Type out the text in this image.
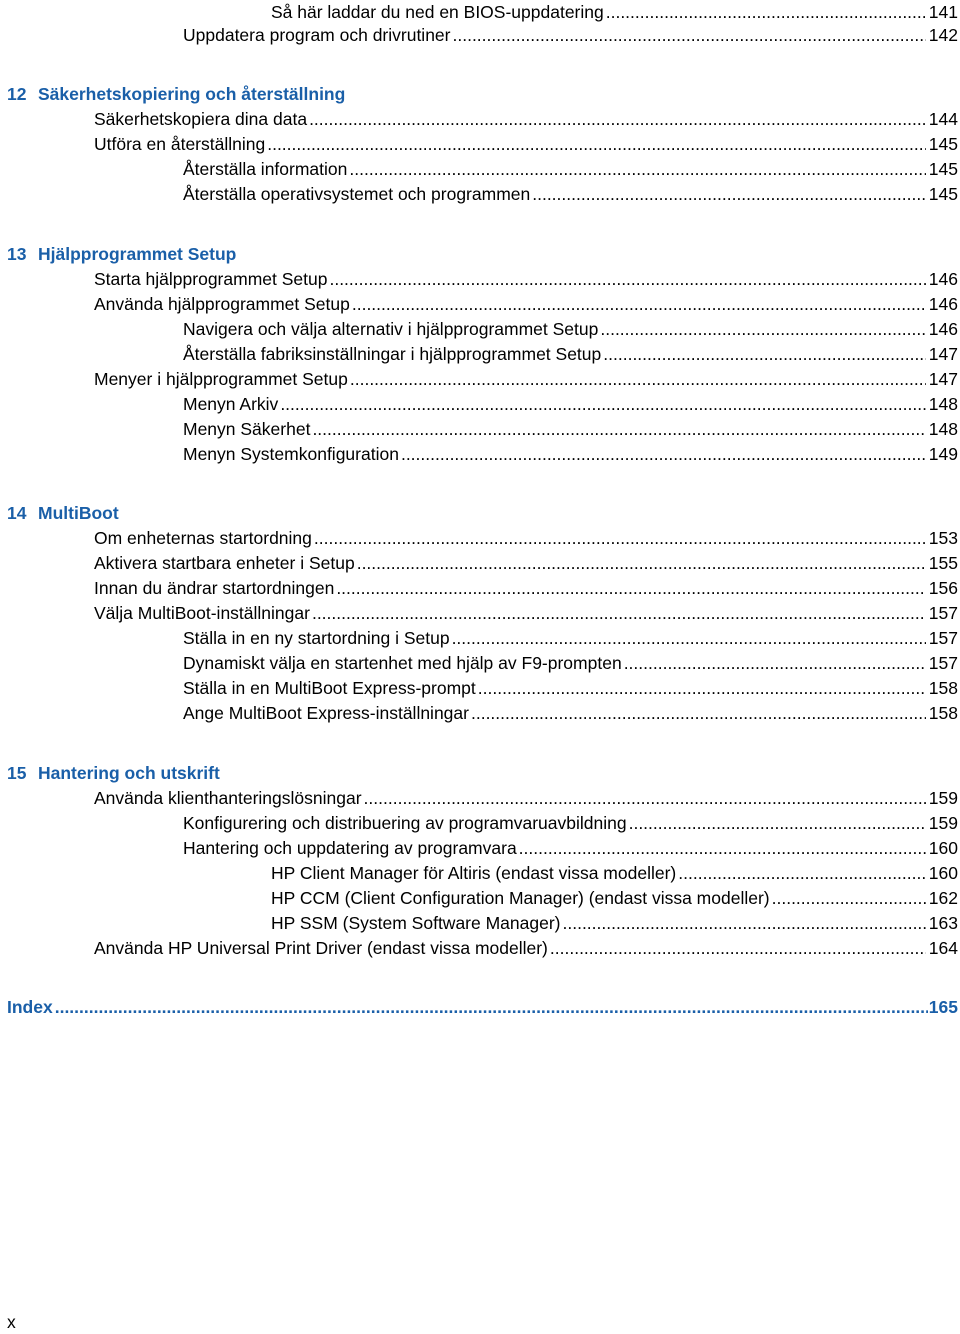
Så här laddar du ned en BIOS-uppdatering .....	141
Uppdatera program och drivrutiner .....	142
12 Säkerhetskopiering och återställning
Säkerhetskopiera dina data .....	144
Utföra en återställning .....	145
Återställa information .....	145
Återställa operativsystemet och programmen .....	145
13 Hjälpprogrammet Setup
Starta hjälpprogrammet Setup .....	146
Använda hjälpprogrammet Setup .....	146
Navigera och välja alternativ i hjälpprogrammet Setup .....	146
Återställa fabriksinställningar i hjälpprogrammet Setup .....	147
Menyer i hjälpprogrammet Setup .....	147
Menyn Arkiv .....	148
Menyn Säkerhet .....	148
Menyn Systemkonfiguration .....	149
14 MultiBoot
Om enheternas startordning .....	153
Aktivera startbara enheter i Setup .....	155
Innan du ändrar startordningen .....	156
Välja MultiBoot-inställningar .....	157
Ställa in en ny startordning i Setup .....	157
Dynamiskt välja en startenhet med hjälp av F9-prompten .....	157
Ställa in en MultiBoot Express-prompt .....	158
Ange MultiBoot Express-inställningar .....	158
15 Hantering och utskrift
Använda klienthanteringslösningar .....	159
Konfigurering och distribuering av programvaruavbildning .....	159
Hantering och uppdatering av programvara .....	160
HP Client Manager för Altiris (endast vissa modeller) .....	160
HP CCM (Client Configuration Manager) (endast vissa modeller) .....	162
HP SSM (System Software Manager) .....	163
Använda HP Universal Print Driver (endast vissa modeller) .....	164
Index .....	165
x
